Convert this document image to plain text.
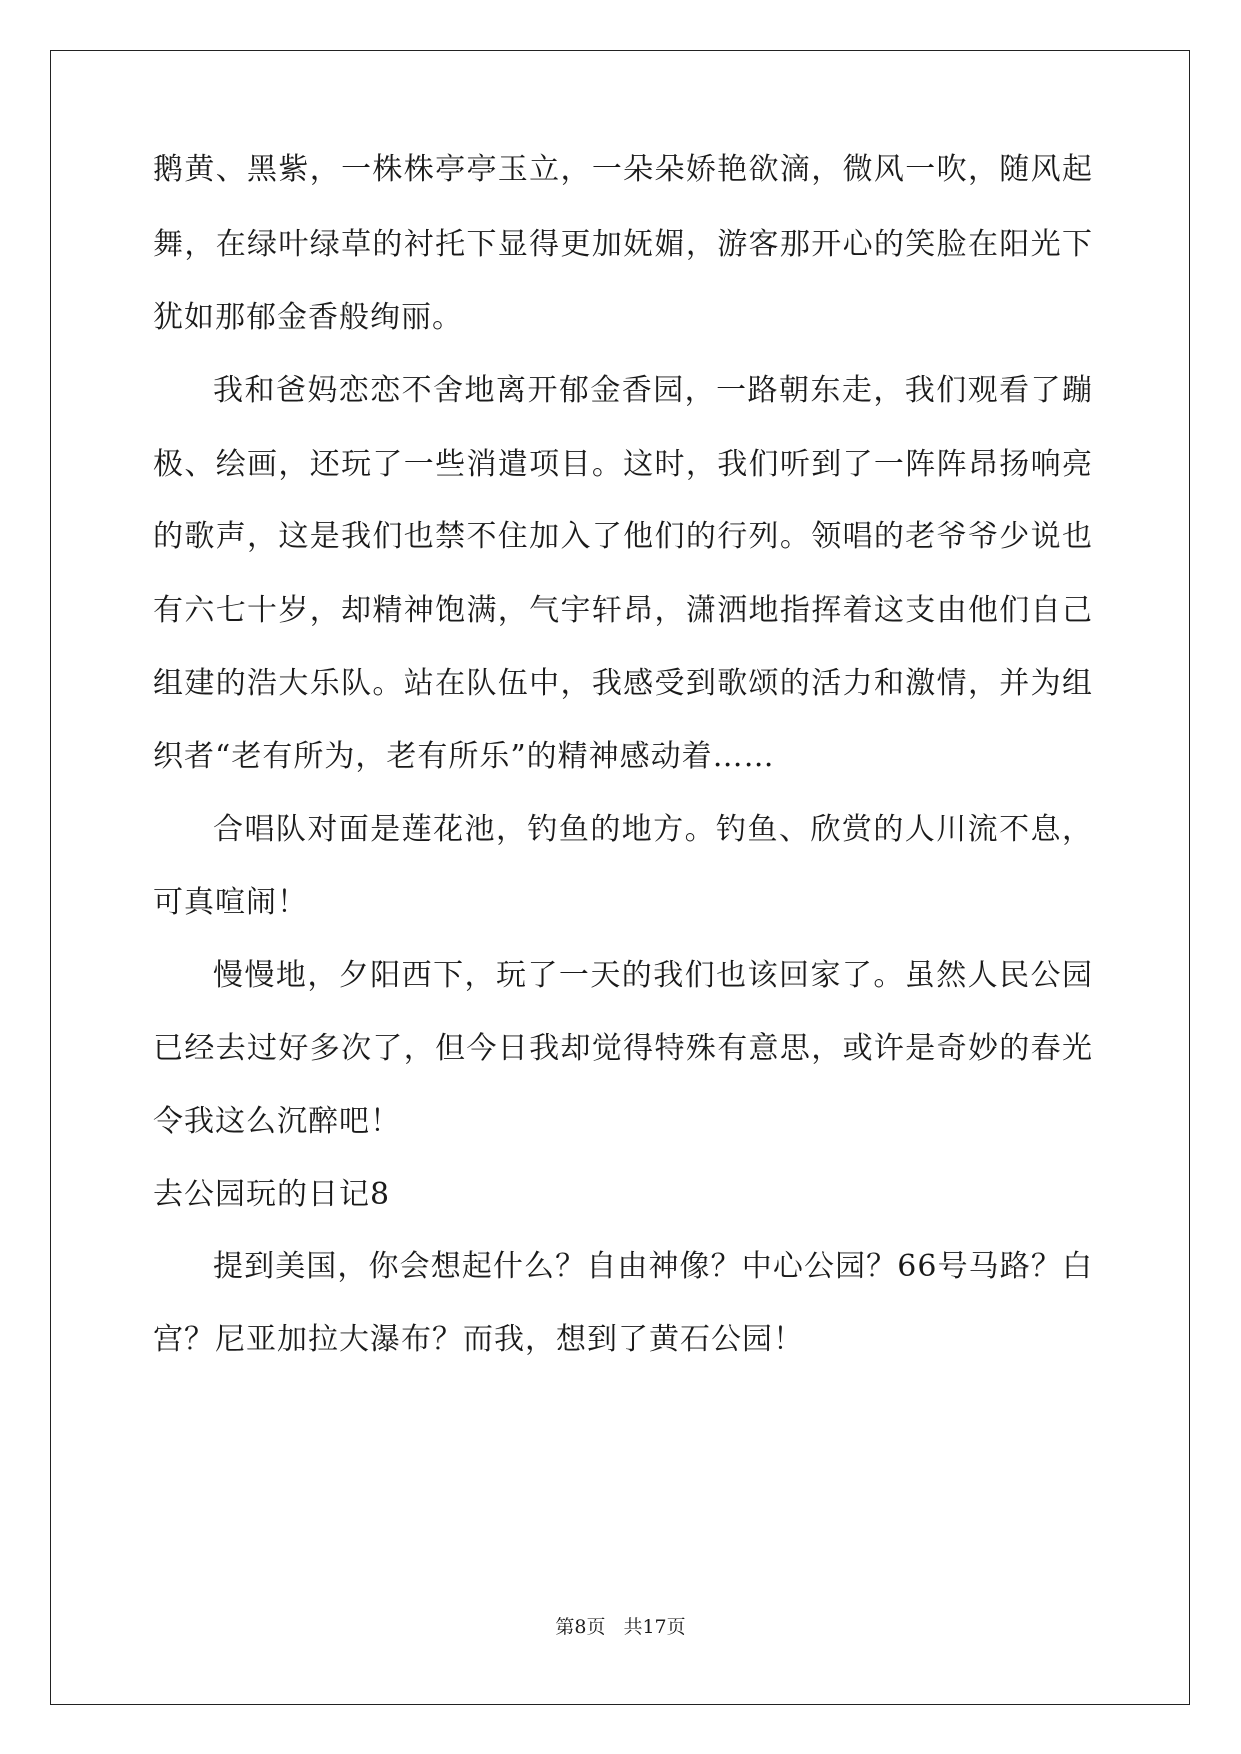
鹅黄、黑紫，一株株亭亭玉立，一朵朵娇艳欲滴，微风一吹，随风起
舞，在绿叶绿草的衬托下显得更加妩媚，游客那开心的笑脸在阳光下
犹如那郁金香般绚丽。
我和爸妈恋恋不舍地离开郁金香园，一路朝东走，我们观看了蹦
极、绘画，还玩了一些消遣项目。这时，我们听到了一阵阵昂扬响亮
的歌声，这是我们也禁不住加入了他们的行列。领唱的老爷爷少说也
有六七十岁，却精神饱满，气宇轩昂，潇洒地指挥着这支由他们自己
组建的浩大乐队。站在队伍中，我感受到歌颂的活力和激情，并为组
织者“老有所为，老有所乐”的精神感动着……
合唱队对面是莲花池，钓鱼的地方。钓鱼、欣赏的人川流不息，
可真喧闹！
慢慢地，夕阳西下，玩了一天的我们也该回家了。虽然人民公园
已经去过好多次了，但今日我却觉得特殊有意思，或许是奇妙的春光
令我这么沉醉吧！
去公园玩的日记8
提到美国，你会想起什么？自由神像？中心公园？66号马路？白
宫？尼亚加拉大瀑布？而我，想到了黄石公园！
第8页 共17页
